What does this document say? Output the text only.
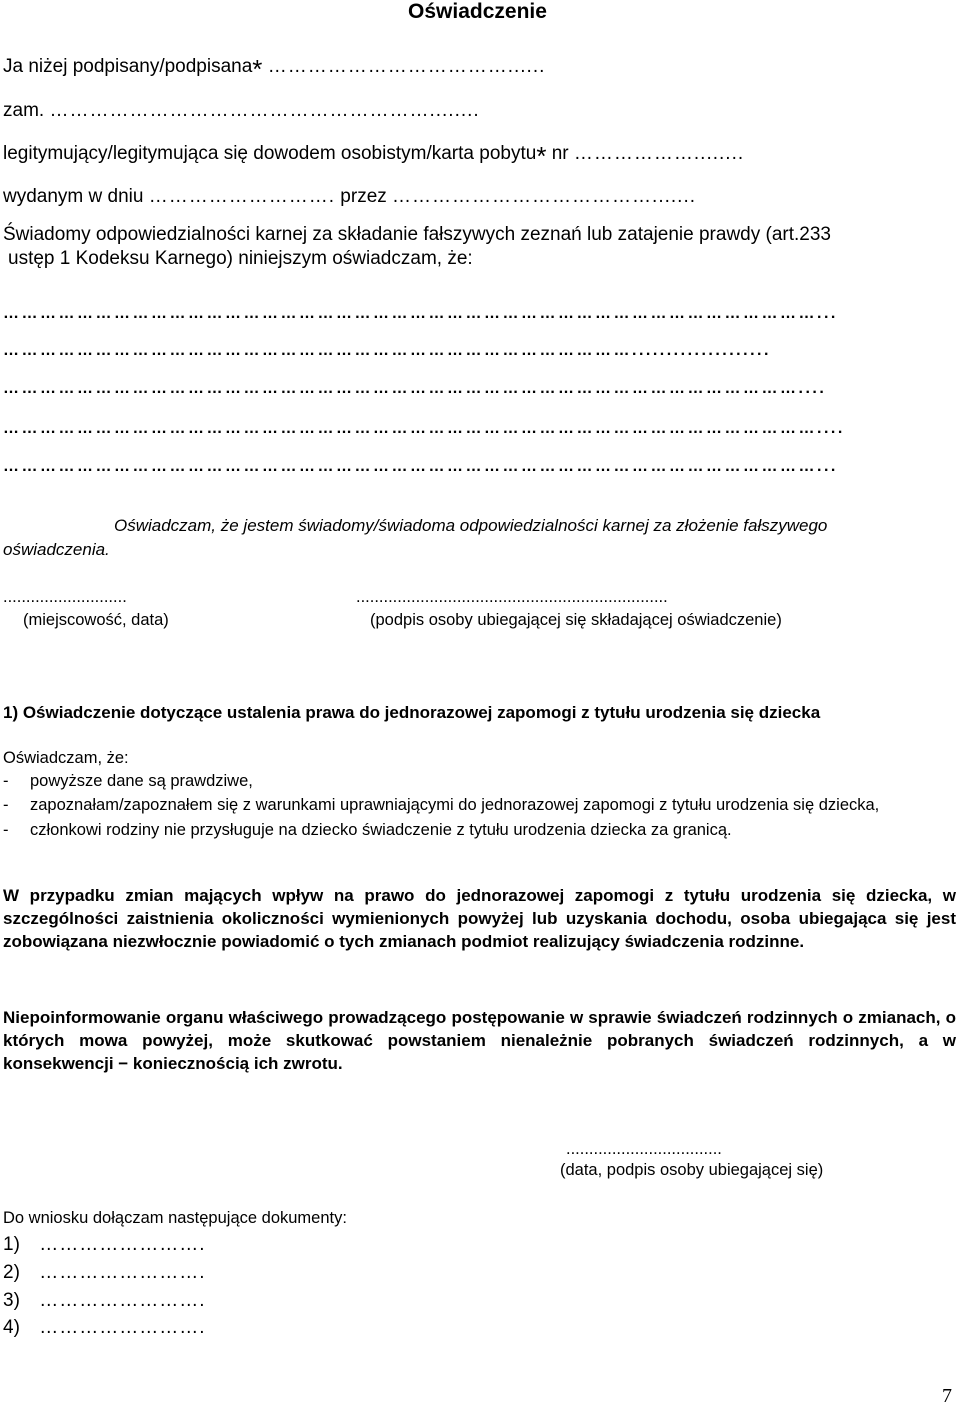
Oświadczenie
Ja niżej podpisany/podpisana* ………………………………......
zam. …………………………………………………........
legitymujący/legitymująca się dowodem osobistym/karta pobytu* nr ………………........
wydanym w dniu ………………………. przez ………………………………….......
Świadomy odpowiedzialności karnej za składanie fałszywych zeznań lub zatajenie prawdy (art.233
ustęp 1 Kodeksu Karnego) niniejszym oświadczam, że:
……………………………………………………………………………………………………………………...
…………………………………………………………………………………………....................
…………………………………………………………………………………………………………………....
……………………………………………………………………………………………………………………....
……………………………………………………………………………………………………………………...
Oświadczam, że jestem świadomy/świadoma odpowiedzialności karnej za złożenie fałszywego
oświadczenia.
...........................
(miejscowość, data)
....................................................................
(podpis osoby ubiegającej się składającej oświadczenie)
1) Oświadczenie dotyczące ustalenia prawa do jednorazowej zapomogi z tytułu urodzenia się dziecka
Oświadczam, że:
-	powyższe dane są prawdziwe,
-	zapoznałam/zapoznałem się z warunkami uprawniającymi do jednorazowej zapomogi z tytułu urodzenia się dziecka,
-	członkowi rodziny nie przysługuje na dziecko świadczenie z tytułu urodzenia dziecka za granicą.
W przypadku zmian mających wpływ na prawo do jednorazowej zapomogi z tytułu urodzenia się dziecka, w szczególności zaistnienia okoliczności wymienionych powyżej lub uzyskania dochodu, osoba ubiegająca się jest zobowiązana niezwłocznie powiadomić o tych zmianach podmiot realizujący świadczenia rodzinne.
Niepoinformowanie organu właściwego prowadzącego postępowanie w sprawie świadczeń rodzinnych o zmianach, o których mowa powyżej, może skutkować powstaniem nienależnie pobranych świadczeń rodzinnych, a w konsekwencji − koniecznością ich zwrotu.
..................................
(data, podpis osoby ubiegającej się)
Do wniosku dołączam następujące dokumenty:
1) …………………….
2) …………………….
3) …………………….
4) …………………….
7
